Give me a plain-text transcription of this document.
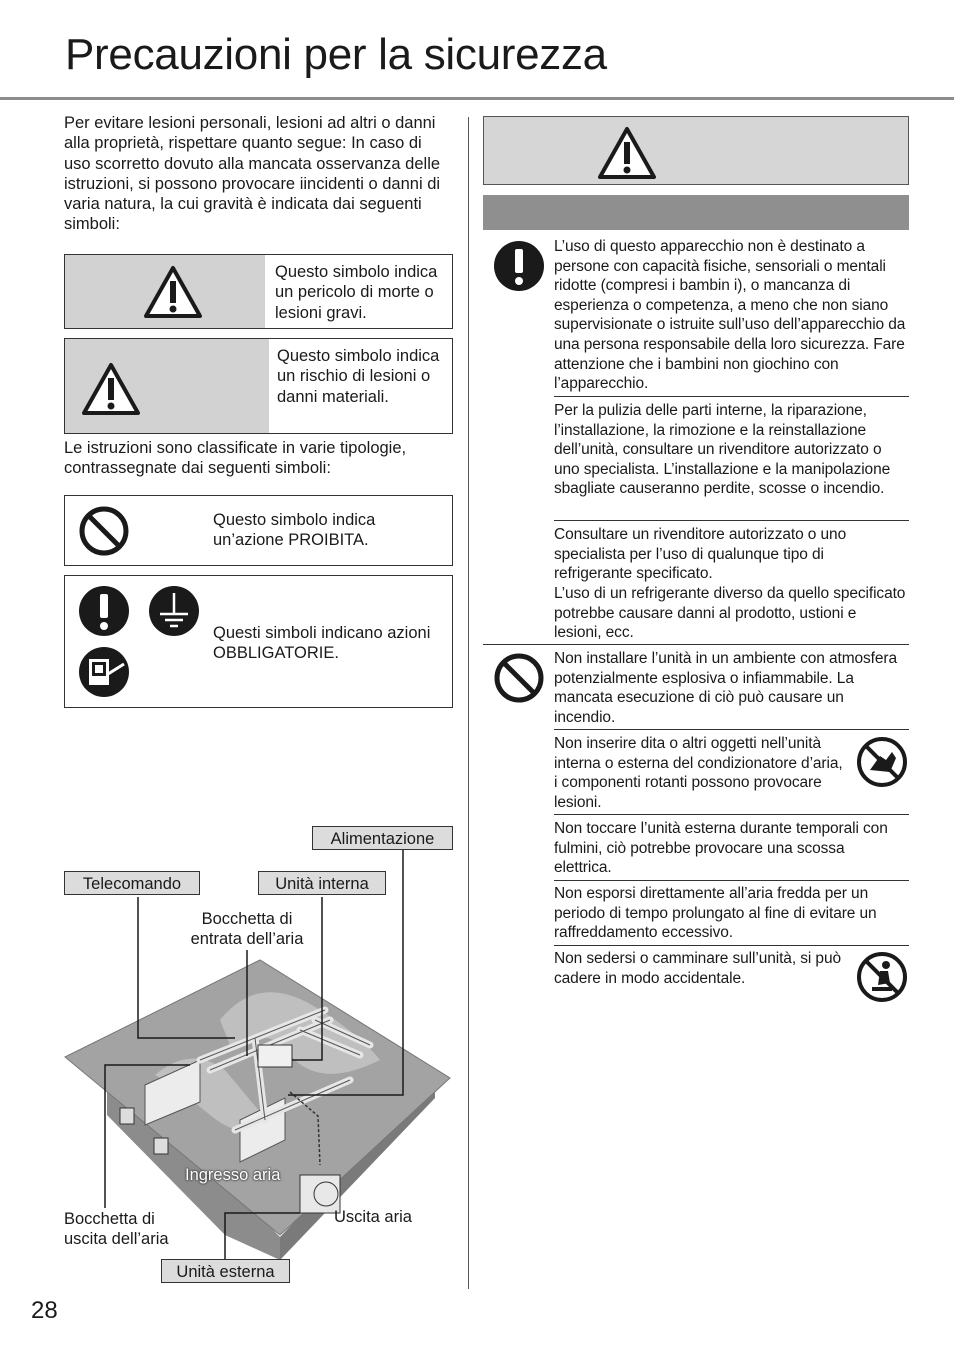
Precauzioni per la sicurezza
Per evitare lesioni personali, lesioni ad altri o danni alla proprietà, rispettare quanto segue: In caso di uso scorretto dovuto alla mancata osservanza delle istruzioni, si possono provocare iincidenti o danni di varia natura, la cui gravità è indicata dai seguenti simboli:
Questo simbolo indica un pericolo di morte o lesioni gravi.
Questo simbolo indica un rischio di lesioni o danni materiali.
Le istruzioni sono classificate in varie tipologie, contrassegnate dai seguenti simboli:
Questo simbolo indica un’azione PROIBITA.
Questi simboli indicano azioni OBBLIGATORIE.
Alimentazione
Telecomando	Unità interna
Bocchetta di entrata dell’aria
Ingresso aria
Bocchetta di uscita dell’aria
Uscita aria
Unità esterna
L’uso di questo apparecchio non è destinato a persone con capacità fisiche, sensoriali o mentali ridotte (compresi i bambin i), o mancanza di esperienza o competenza, a meno che non siano supervisionate o istruite sull’uso dell’apparecchio da una persona responsabile della loro sicurezza. Fare attenzione che i bambini non giochino con l’apparecchio.
Per la pulizia delle parti interne, la riparazione, l’installazione, la rimozione e la reinstallazione dell’unità, consultare un rivenditore autorizzato o uno specialista. L’installazione e la manipolazione sbagliate causeranno perdite, scosse o incendio.
Consultare un rivenditore autorizzato o uno specialista per l’uso di qualunque tipo di refrigerante specificato.
L’uso di un refrigerante diverso da quello specificato potrebbe causare danni al prodotto, ustioni e lesioni, ecc.
Non installare l’unità in un ambiente con atmosfera potenzialmente esplosiva o infiammabile. La mancata esecuzione di ciò può causare un incendio.
Non inserire dita o altri oggetti nell’unità interna o esterna del condizionatore d’aria, i componenti rotanti possono provocare lesioni.
Non toccare l’unità esterna durante temporali con fulmini, ciò potrebbe provocare una scossa elettrica.
Non esporsi direttamente all’aria fredda per un periodo di tempo prolungato al fine di evitare un raffreddamento eccessivo.
Non sedersi o camminare sull’unità, si può cadere in modo accidentale.
28
